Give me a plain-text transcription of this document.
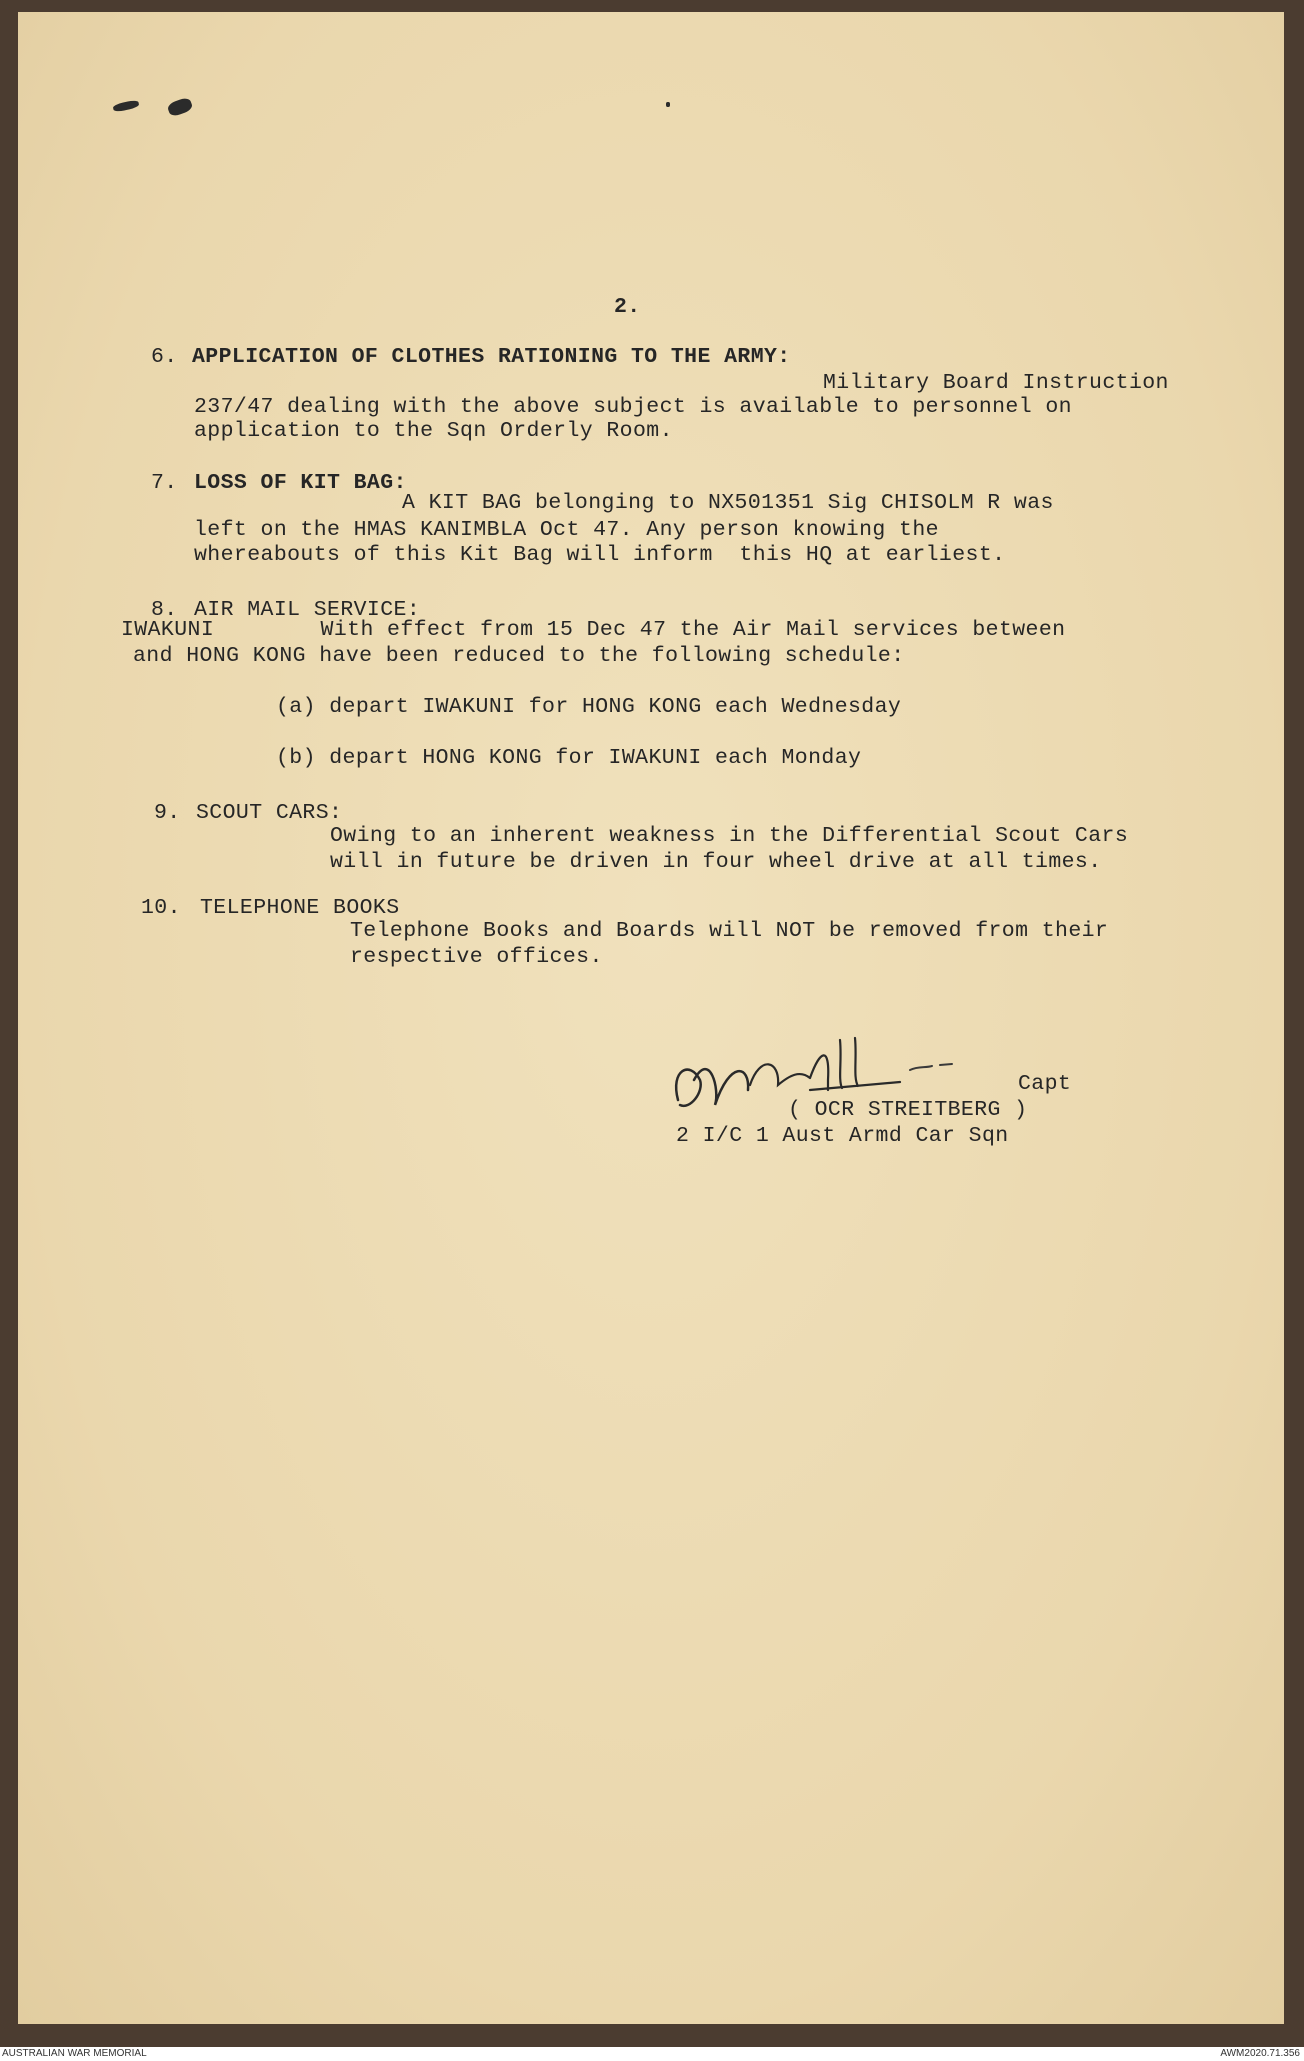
2.
6. APPLICATION OF CLOTHES RATIONING TO THE ARMY:
Military Board Instruction
237/47 dealing with the above subject is available to personnel on
application to the Sqn Orderly Room.
7. LOSS OF KIT BAG:
A KIT BAG belonging to NX501351 Sig CHISOLM R was
left on the HMAS KANIMBLA Oct 47. Any person knowing the
whereabouts of this Kit Bag will inform  this HQ at earliest.
8. AIR MAIL SERVICE:
IWAKUNI        With effect from 15 Dec 47 the Air Mail services between
and HONG KONG have been reduced to the following schedule:
(a) depart IWAKUNI for HONG KONG each Wednesday
(b) depart HONG KONG for IWAKUNI each Monday
9. SCOUT CARS:
Owing to an inherent weakness in the Differential Scout Cars
will in future be driven in four wheel drive at all times.
10. TELEPHONE BOOKS
Telephone Books and Boards will NOT be removed from their
respective offices.
Capt
( OCR STREITBERG )
2 I/C 1 Aust Armd Car Sqn
AUSTRALIAN WAR MEMORIAL	AWM2020.71.356
